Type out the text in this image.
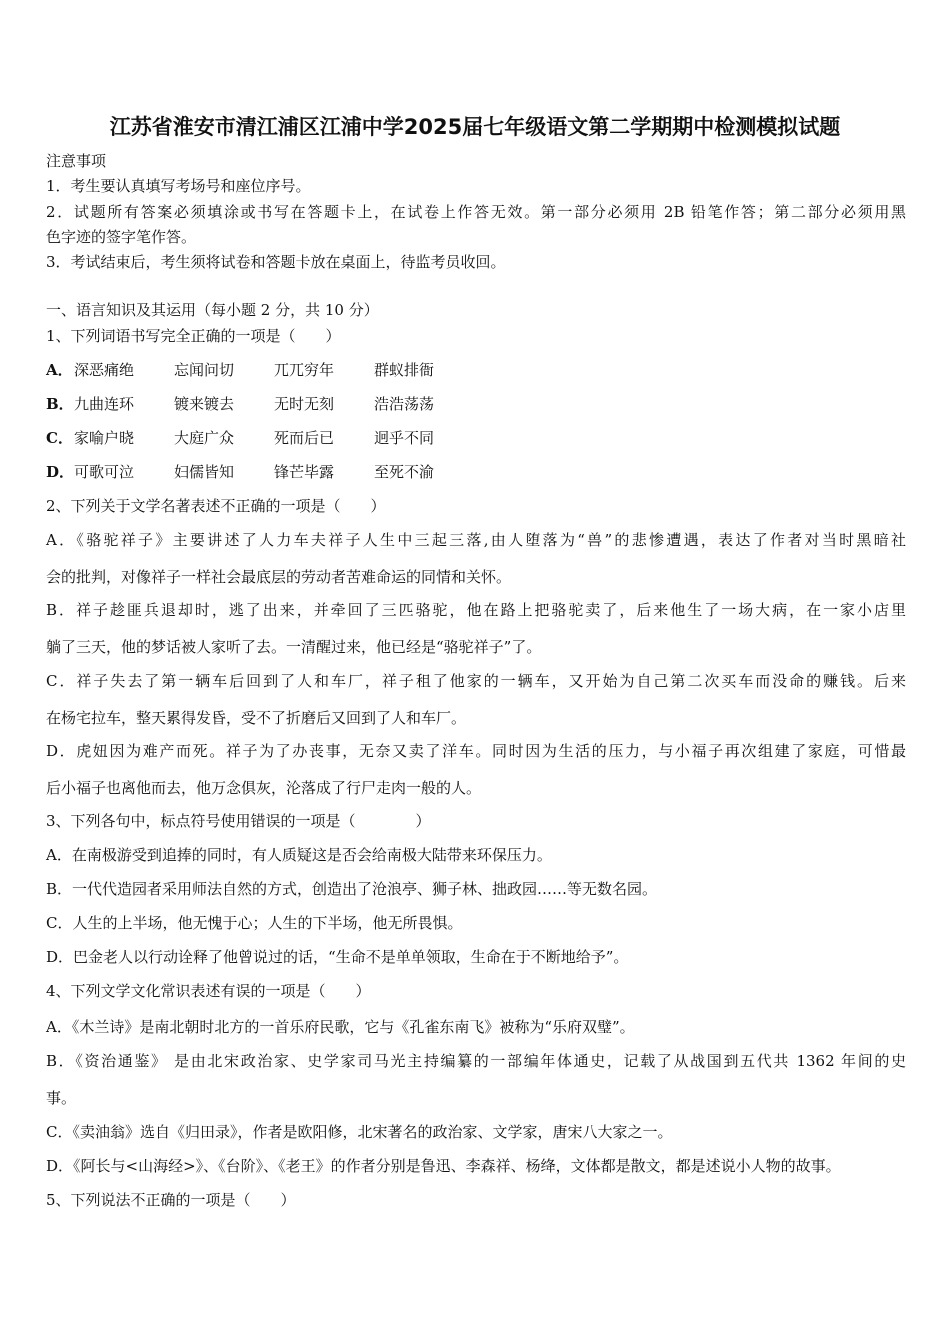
江苏省淮安市清江浦区江浦中学2025届七年级语文第二学期期中检测模拟试题
注意事项
1．考生要认真填写考场号和座位序号。
2．试题所有答案必须填涂或书写在答题卡上，在试卷上作答无效。第一部分必须用 2B 铅笔作答；第二部分必须用黑
色字迹的签字笔作答。
3．考试结束后，考生须将试卷和答题卡放在桌面上，待监考员收回。
一、语言知识及其运用（每小题 2 分，共 10 分）
1、下列词语书写完全正确的一项是（　　）
A．深恶痛绝	忘闻问切	兀兀穷年	群蚁排衙
B．九曲连环	镀来镀去	无时无刻	浩浩荡荡
C．家喻户晓	大庭广众	死而后已	迥乎不同
D．可歌可泣	妇儒皆知	锋芒毕露	至死不渝
2、下列关于文学名著表述不正确的一项是（　　）
A．《骆驼祥子》主要讲述了人力车夫祥子人生中三起三落,由人堕落为“兽”的悲惨遭遇，表达了作者对当时黑暗社
会的批判，对像祥子一样社会最底层的劳动者苦难命运的同情和关怀。
B．祥子趁匪兵退却时，逃了出来，并牵回了三匹骆驼，他在路上把骆驼卖了，后来他生了一场大病，在一家小店里
躺了三天，他的梦话被人家听了去。一清醒过来，他已经是“骆驼祥子”了。
C．祥子失去了第一辆车后回到了人和车厂，祥子租了他家的一辆车，又开始为自己第二次买车而没命的赚钱。后来
在杨宅拉车，整天累得发昏，受不了折磨后又回到了人和车厂。
D．虎妞因为难产而死。祥子为了办丧事，无奈又卖了洋车。同时因为生活的压力，与小福子再次组建了家庭，可惜最
后小福子也离他而去，他万念俱灰，沦落成了行尸走肉一般的人。
3、下列各句中，标点符号使用错误的一项是（　　　　）
A．在南极游受到追捧的同时，有人质疑这是否会给南极大陆带来环保压力。
B．一代代造园者采用师法自然的方式，创造出了沧浪亭、狮子林、拙政园……等无数名园。
C．人生的上半场，他无愧于心；人生的下半场，他无所畏惧。
D．巴金老人以行动诠释了他曾说过的话，“生命不是单单领取，生命在于不断地给予”。
4、下列文学文化常识表述有误的一项是（　　）
A．《木兰诗》是南北朝时北方的一首乐府民歌，它与《孔雀东南飞》被称为“乐府双璧”。
B．《资治通鉴》 是由北宋政治家、史学家司马光主持编纂的一部编年体通史，记载了从战国到五代共 1362 年间的史
事。
C．《卖油翁》选自《归田录》，作者是欧阳修，北宋著名的政治家、文学家，唐宋八大家之一。
D．《阿长与<山海经>》、《台阶》、《老王》的作者分别是鲁迅、李森祥、杨绛，文体都是散文，都是述说小人物的故事。
5、下列说法不正确的一项是（　　）
